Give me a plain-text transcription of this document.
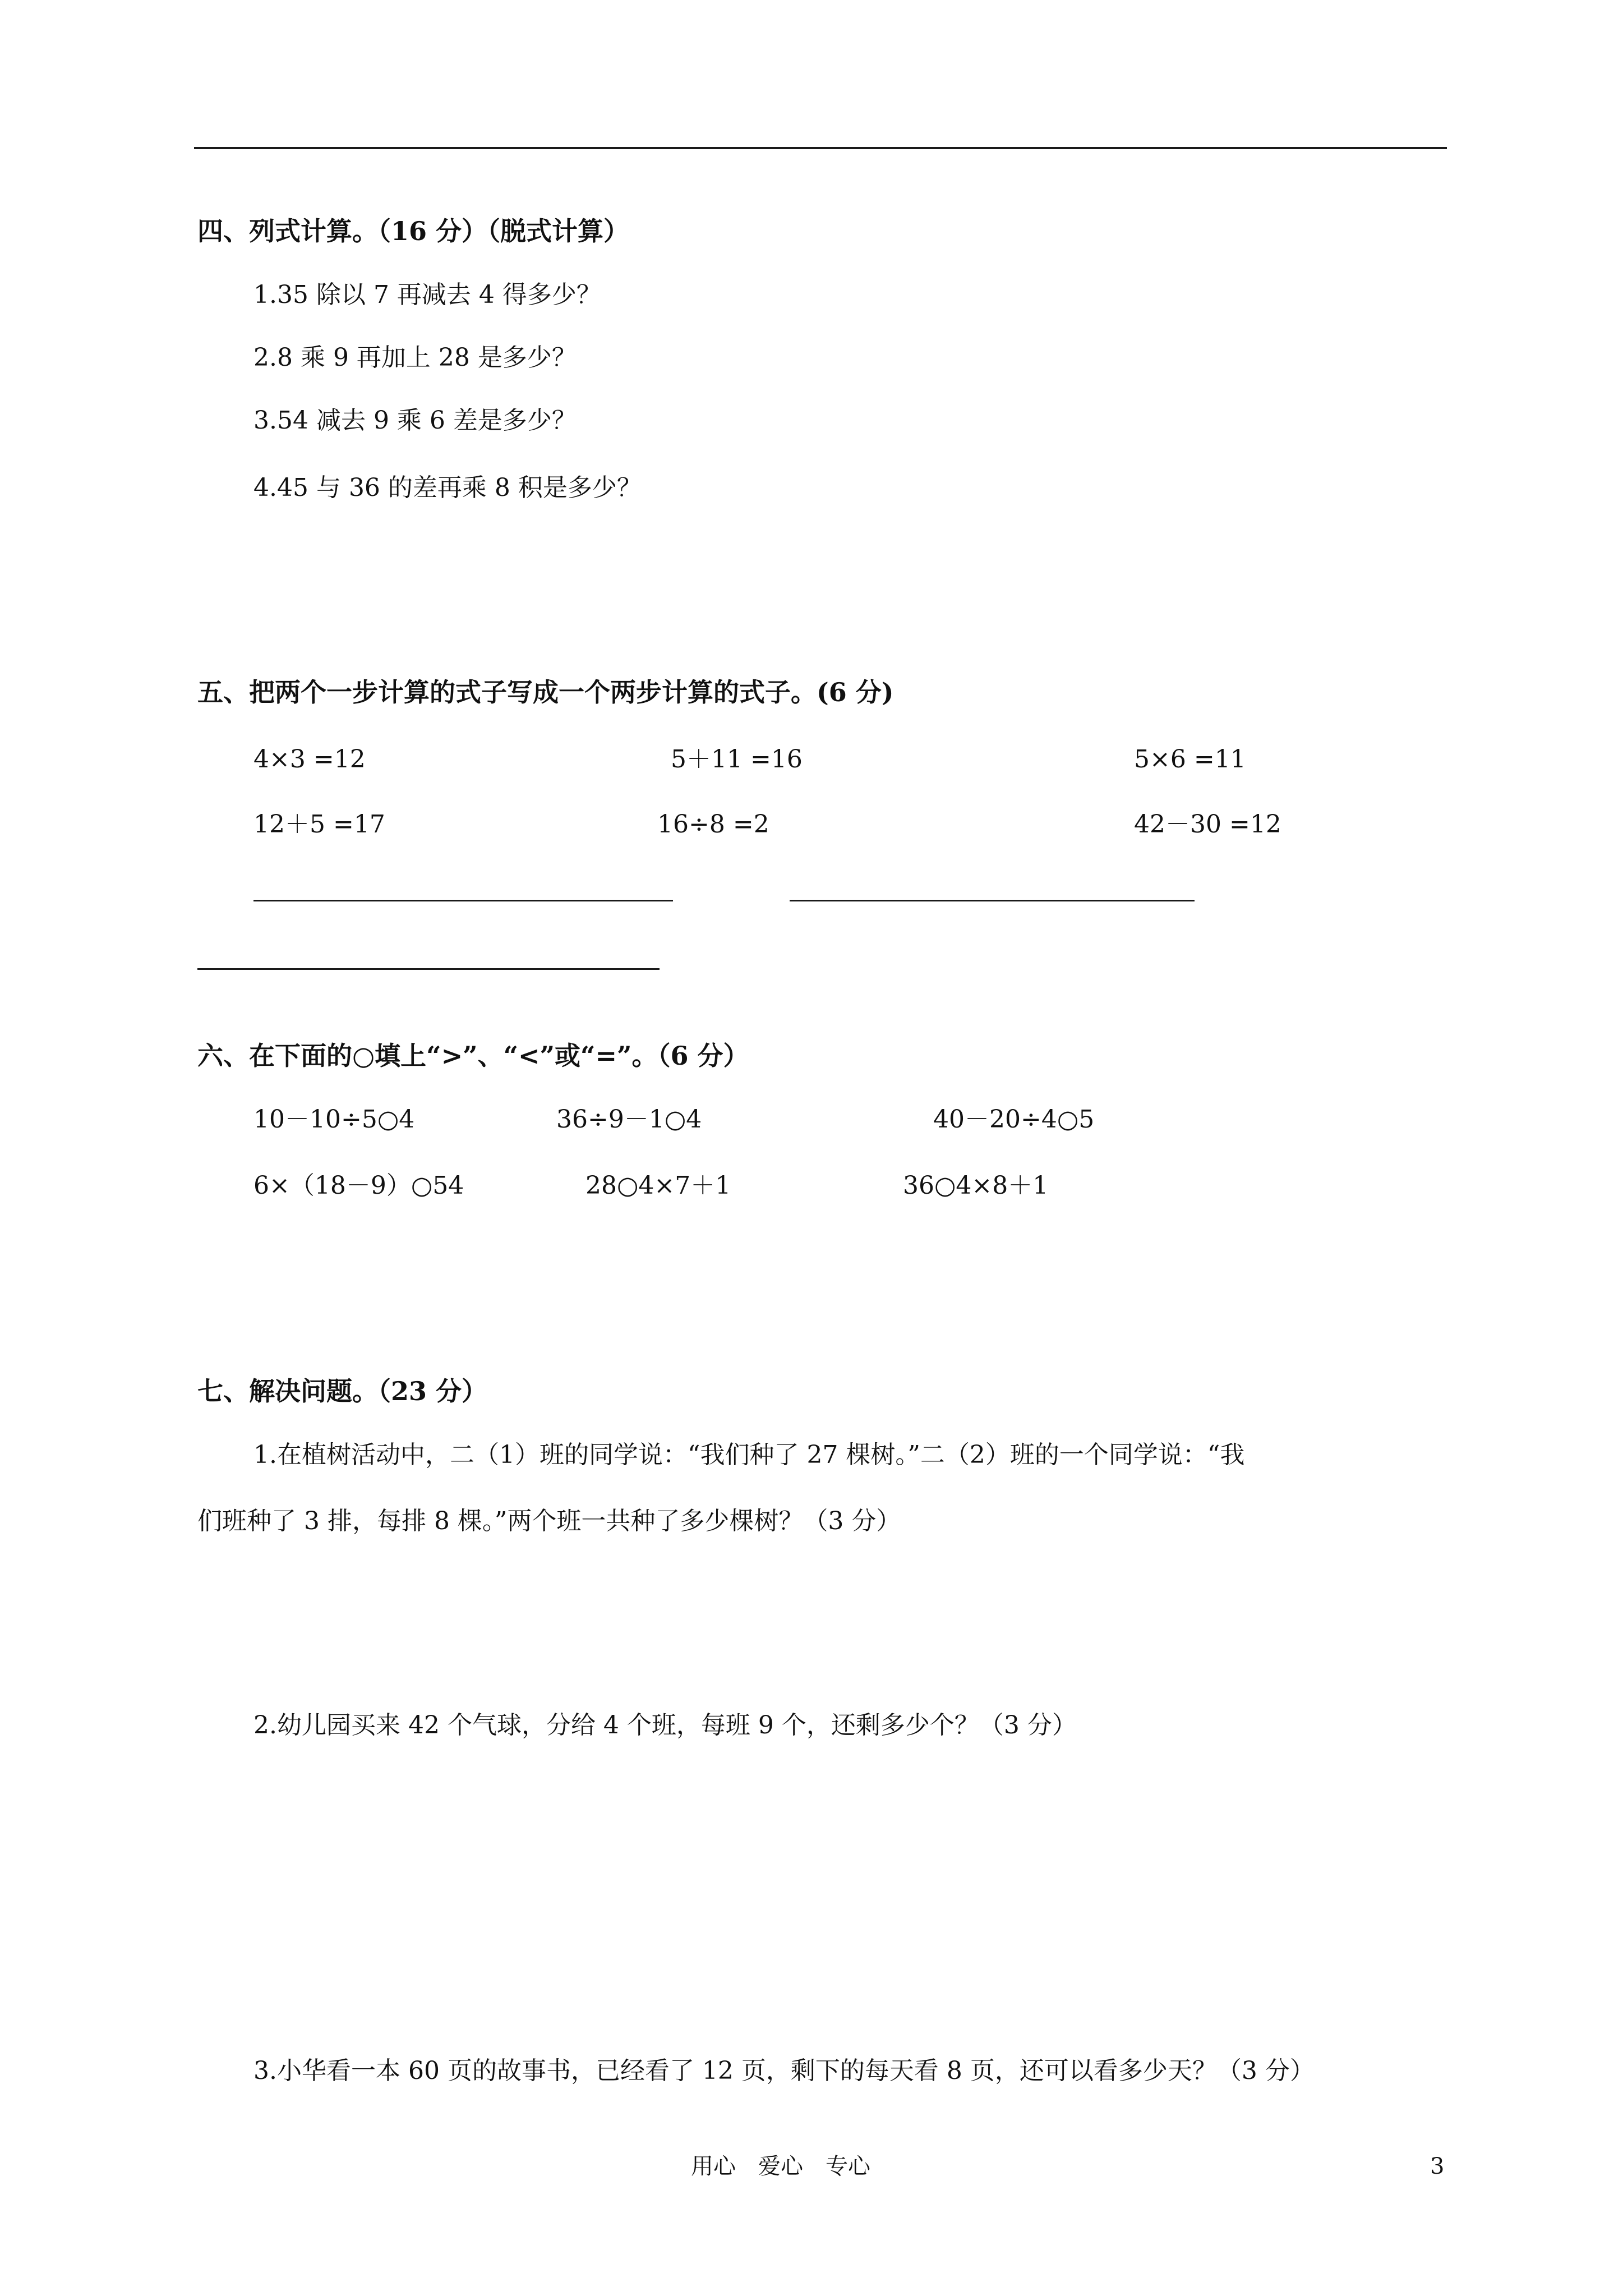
四、列式计算。（16 分）（脱式计算）
1.35 除以 7 再减去 4 得多少？
2.8 乘 9 再加上 28 是多少？
3.54 减去 9 乘 6 差是多少？
4.45 与 36 的差再乘 8 积是多少？
五、把两个一步计算的式子写成一个两步计算的式子。(6 分)
4×3 =12	5＋11 =16	5×6 =11
12＋5 =17	16÷8 =2	42－30 =12
六、在下面的○填上“>”、“<”或“=”。（6 分）
10－10÷5○4	36÷9－1○4	40－20÷4○5
6×（18－9）○54	28○4×7＋1	36○4×8＋1
七、解决问题。（23 分）
1.在植树活动中，二（1）班的同学说：“我们种了 27 棵树。”二（2）班的一个同学说：“我
们班种了 3 排，每排 8 棵。”两个班一共种了多少棵树？（3 分）
2.幼儿园买来 42 个气球，分给 4 个班，每班 9 个，还剩多少个？（3 分）
3.小华看一本 60 页的故事书，已经看了 12 页，剩下的每天看 8 页，还可以看多少天？（3 分）
用心　爱心　专心	3
